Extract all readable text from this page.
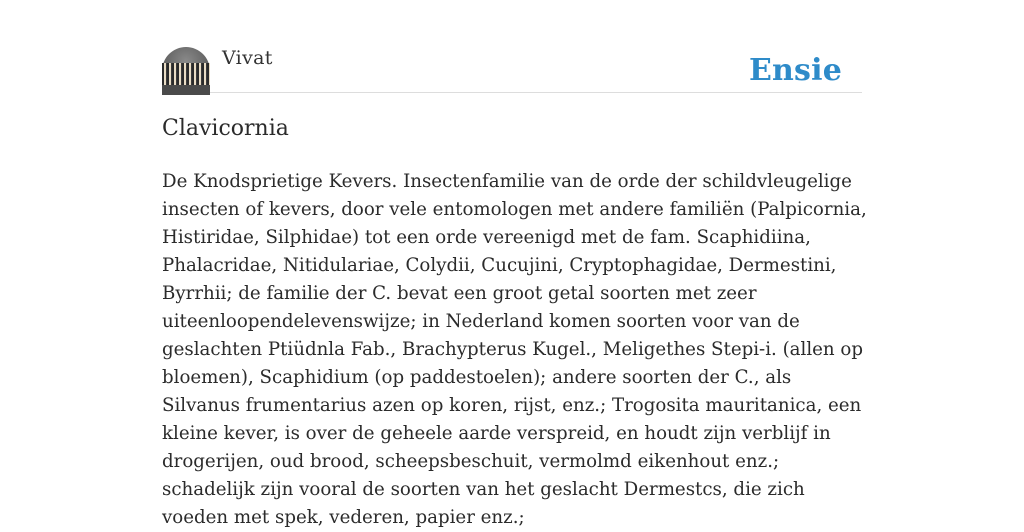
Vivat	Ensie
Clavicornia

De Knodsprietige Kevers. Insectenfamilie van de orde der schildvleugelige insecten of kevers, door vele entomologen met andere familiën (Palpicornia, Histiridae, Silphidae) tot een orde vereenigd met de fam. Scaphidiina, Phalacridae, Nitidulariae, Colydii, Cucujini, Cryptophagidae, Dermestini, Byrrhii; de familie der C. bevat een groot getal soorten met zeer uiteenloopendelevenswijze; in Nederland komen soorten voor van de geslachten Ptiüdnla Fab., Brachypterus Kugel., Meligethes Stepi-i. (allen op bloemen), Scaphidium (op paddestoelen); andere soorten der C., als Silvanus frumentarius azen op koren, rijst, enz.; Trogosita mauritanica, een kleine kever, is over de geheele aarde verspreid, en houdt zijn verblijf in drogerijen, oud brood, scheepsbeschuit, vermolmd eikenhout enz.; schadelijk zijn vooral de soorten van het geslacht Dermestcs, die zich voeden met spek, vederen, papier enz.;
